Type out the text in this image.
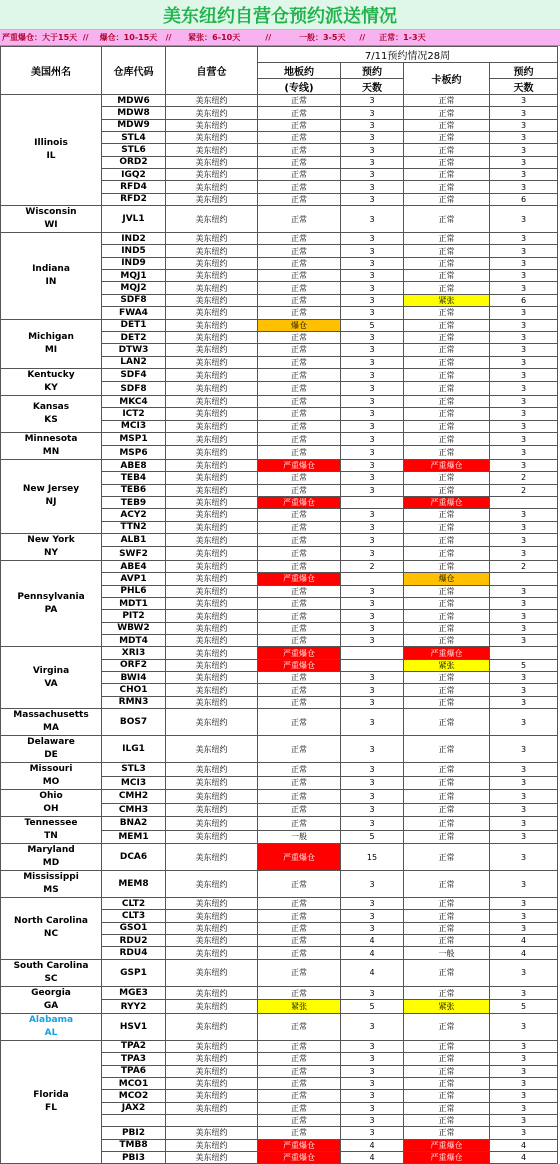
美东纽约自营仓预约派送情况
严重爆仓：大于15天  //    爆仓：10-15天   //      紧张：6-10天         //          一般：3-5天     //     正常：1-3天
美国州名	仓库代码	自营仓	7/11预约情况28周			
			地板约	预约	卡板约	预约
			(专线)	天数		天数

Illinois
IL	MDW6	美东纽约	正常	3	正常	3
	MDW8	美东纽约	正常	3	正常	3
	MDW9	美东纽约	正常	3	正常	3
	STL4	美东纽约	正常	3	正常	3
	STL6	美东纽约	正常	3	正常	3
	ORD2	美东纽约	正常	3	正常	3
	IGQ2	美东纽约	正常	3	正常	3
	RFD4	美东纽约	正常	3	正常	3
	RFD2	美东纽约	正常	3	正常	6

Wisconsin
WI	JVL1	美东纽约	正常	3	正常	3

Indiana
IN	IND2	美东纽约	正常	3	正常	3
	IND5	美东纽约	正常	3	正常	3
	IND9	美东纽约	正常	3	正常	3
	MQJ1	美东纽约	正常	3	正常	3
	MQJ2	美东纽约	正常	3	正常	3
	SDF8	美东纽约	正常	3	紧张	6
	FWA4	美东纽约	正常	3	正常	3

Michigan
MI	DET1	美东纽约	爆仓	5	正常	3
	DET2	美东纽约	正常	3	正常	3
	DTW3	美东纽约	正常	3	正常	3
	LAN2	美东纽约	正常	3	正常	3

Kentucky
KY	SDF4	美东纽约	正常	3	正常	3
	SDF8	美东纽约	正常	3	正常	3

Kansas
KS	MKC4	美东纽约	正常	3	正常	3
	ICT2	美东纽约	正常	3	正常	3
	MCI3	美东纽约	正常	3	正常	3

Minnesota
MN	MSP1	美东纽约	正常	3	正常	3
	MSP6	美东纽约	正常	3	正常	3

New Jersey
NJ	ABE8	美东纽约	严重爆仓	3	严重爆仓	3
	TEB4	美东纽约	正常	3	正常	2
	TEB6	美东纽约	正常	3	正常	2
	TEB9	美东纽约	严重爆仓		严重爆仓	
	ACY2	美东纽约	正常	3	正常	3
	TTN2	美东纽约	正常	3	正常	3

New York
NY	ALB1	美东纽约	正常	3	正常	3
	SWF2	美东纽约	正常	3	正常	3

Pennsylvania
PA	ABE4	美东纽约	正常	2	正常	2
	AVP1	美东纽约	严重爆仓		爆仓	
	PHL6	美东纽约	正常	3	正常	3
	MDT1	美东纽约	正常	3	正常	3
	PIT2	美东纽约	正常	3	正常	3
	WBW2	美东纽约	正常	3	正常	3
	MDT4	美东纽约	正常	3	正常	3

Virgina
VA	XRI3	美东纽约	严重爆仓		严重爆仓	
	ORF2	美东纽约	严重爆仓		紧张	5
	BWI4	美东纽约	正常	3	正常	3
	CHO1	美东纽约	正常	3	正常	3
	RMN3	美东纽约	正常	3	正常	3

Massachusetts
MA	BOS7	美东纽约	正常	3	正常	3

Delaware
DE	ILG1	美东纽约	正常	3	正常	3

Missouri
MO	STL3	美东纽约	正常	3	正常	3
	MCI3	美东纽约	正常	3	正常	3

Ohio
OH	CMH2	美东纽约	正常	3	正常	3
	CMH3	美东纽约	正常	3	正常	3

Tennessee
TN	BNA2	美东纽约	正常	3	正常	3
	MEM1	美东纽约	一般	5	正常	3

Maryland
MD	DCA6	美东纽约	严重爆仓	15	正常	3

Mississippi
MS	MEM8	美东纽约	正常	3	正常	3

North Carolina
NC	CLT2	美东纽约	正常	3	正常	3
	CLT3	美东纽约	正常	3	正常	3
	GSO1	美东纽约	正常	3	正常	3
	RDU2	美东纽约	正常	4	正常	4
	RDU4	美东纽约	正常	4	一般	4

South Carolina
SC	GSP1	美东纽约	正常	4	正常	3

Georgia
GA	MGE3	美东纽约	正常	3	正常	3
	RYY2	美东纽约	紧张	5	紧张	5

Alabama
AL	HSV1	美东纽约	正常	3	正常	3

Florida
FL	TPA2	美东纽约	正常	3	正常	3
	TPA3	美东纽约	正常	3	正常	3
	TPA6	美东纽约	正常	3	正常	3
	MCO1	美东纽约	正常	3	正常	3
	MCO2	美东纽约	正常	3	正常	3
	JAX2	美东纽约	正常	3	正常	3
			正常	3	正常	3
	PBI2	美东纽约	正常	3	正常	3
	TMB8	美东纽约	严重爆仓	4	严重爆仓	4
	PBI3	美东纽约	严重爆仓	4	严重爆仓	4
